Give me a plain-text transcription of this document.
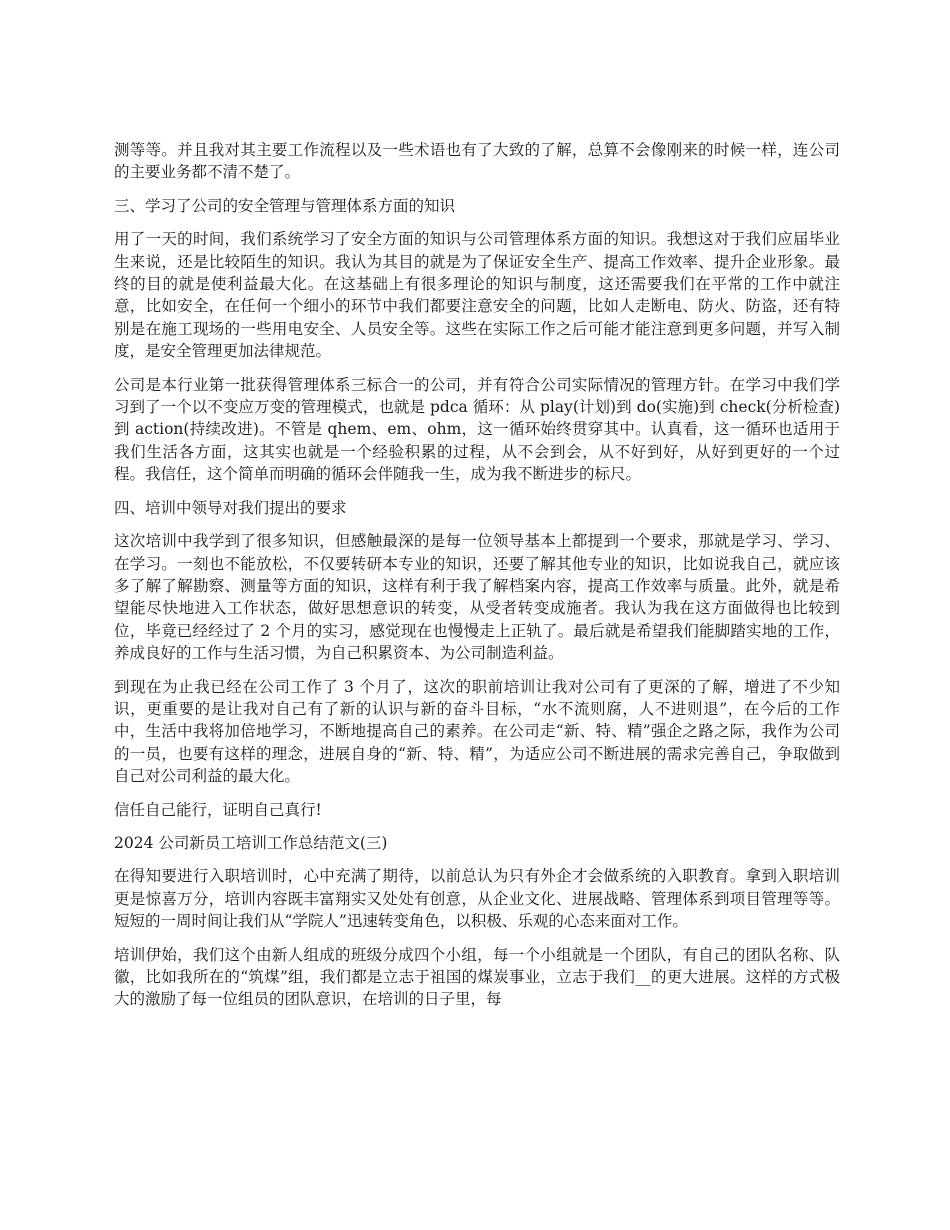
测等等。并且我对其主要工作流程以及一些术语也有了大致的了解，总算不会像刚来的时候一样，连公司的主要业务都不清不楚了。

三、学习了公司的安全管理与管理体系方面的知识

用了一天的时间，我们系统学习了安全方面的知识与公司管理体系方面的知识。我想这对于我们应届毕业生来说，还是比较陌生的知识。我认为其目的就是为了保证安全生产、提高工作效率、提升企业形象。最终的目的就是使利益最大化。在这基础上有很多理论的知识与制度，这还需要我们在平常的工作中就注意，比如安全，在任何一个细小的环节中我们都要注意安全的问题，比如人走断电、防火、防盗，还有特别是在施工现场的一些用电安全、人员安全等。这些在实际工作之后可能才能注意到更多问题，并写入制度，是安全管理更加法律规范。

公司是本行业第一批获得管理体系三标合一的公司，并有符合公司实际情况的管理方针。在学习中我们学习到了一个以不变应万变的管理模式，也就是 pdca 循环：从 play(计划)到 do(实施)到 check(分析检查)到 action(持续改进)。不管是 qhem、em、ohm，这一循环始终贯穿其中。认真看，这一循环也适用于我们生活各方面，这其实也就是一个经验积累的过程，从不会到会，从不好到好，从好到更好的一个过程。我信任，这个简单而明确的循环会伴随我一生，成为我不断进步的标尺。

四、培训中领导对我们提出的要求

这次培训中我学到了很多知识，但感触最深的是每一位领导基本上都提到一个要求，那就是学习、学习、在学习。一刻也不能放松，不仅要转研本专业的知识，还要了解其他专业的知识，比如说我自己，就应该多了解了解勘察、测量等方面的知识，这样有利于我了解档案内容，提高工作效率与质量。此外，就是希望能尽快地进入工作状态，做好思想意识的转变，从受者转变成施者。我认为我在这方面做得也比较到位，毕竟已经经过了 2 个月的实习，感觉现在也慢慢走上正轨了。最后就是希望我们能脚踏实地的工作，养成良好的工作与生活习惯，为自己积累资本、为公司制造利益。

到现在为止我已经在公司工作了 3 个月了，这次的职前培训让我对公司有了更深的了解，增进了不少知识，更重要的是让我对自己有了新的认识与新的奋斗目标，“水不流则腐，人不进则退”，在今后的工作中，生活中我将加倍地学习，不断地提高自己的素养。在公司走“新、特、精”强企之路之际，我作为公司的一员，也要有这样的理念，进展自身的“新、特、精”，为适应公司不断进展的需求完善自己，争取做到自己对公司利益的最大化。

信任自己能行，证明自己真行!

2024 公司新员工培训工作总结范文(三)

在得知要进行入职培训时，心中充满了期待，以前总认为只有外企才会做系统的入职教育。拿到入职培训更是惊喜万分，培训内容既丰富翔实又处处有创意，从企业文化、进展战略、管理体系到项目管理等等。短短的一周时间让我们从“学院人”迅速转变角色，以积极、乐观的心态来面对工作。

培训伊始，我们这个由新人组成的班级分成四个小组，每一个小组就是一个团队，有自己的团队名称、队徽，比如我所在的“筑煤”组，我们都是立志于祖国的煤炭事业，立志于我们__的更大进展。这样的方式极大的激励了每一位组员的团队意识，在培训的日子里，每
